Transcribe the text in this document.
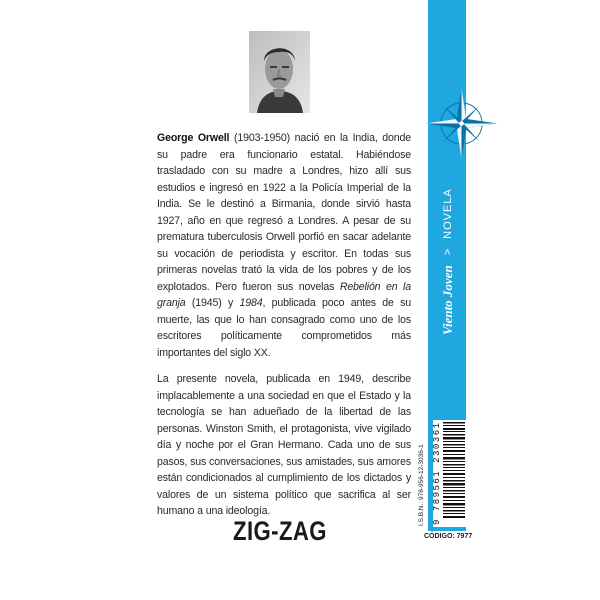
George Orwell (1903-1950) nació en la India, donde su padre era funcionario estatal. Habiéndose trasladado con su madre a Londres, hizo allí sus estudios e ingresó en 1922 a la Policía Imperial de la India. Se le destinó a Birmania, donde sirvió hasta 1927, año en que regresó a Londres. A pesar de su prematura tuberculosis Orwell porfió en sacar adelante su vocación de periodista y escritor. En todas sus primeras novelas trató la vida de los pobres y de los explotados. Pero fueron sus novelas Rebelión en la granja (1945) y 1984, publicada poco antes de su muerte, las que lo han consagrado como uno de los escritores políticamente comprometidos más importantes del siglo XX.

La presente novela, publicada en 1949, describe implacablemente a una sociedad en que el Estado y la tecnología se han adueñado de la libertad de las personas. Winston Smith, el protagonista, vive vigilado día y noche por el Gran Hermano. Cada uno de sus pasos, sus conversaciones, sus amistades, sus amores están condicionados al cumplimiento de los dictados y valores de un sistema político que sacrifica al ser humano a una ideología.

ZIG-ZAG
Viento Joven
>
NOVELA
I.S.B.N.: 978-956-12-3036-1 9 789561 230361
CÓDIGO: 7977
